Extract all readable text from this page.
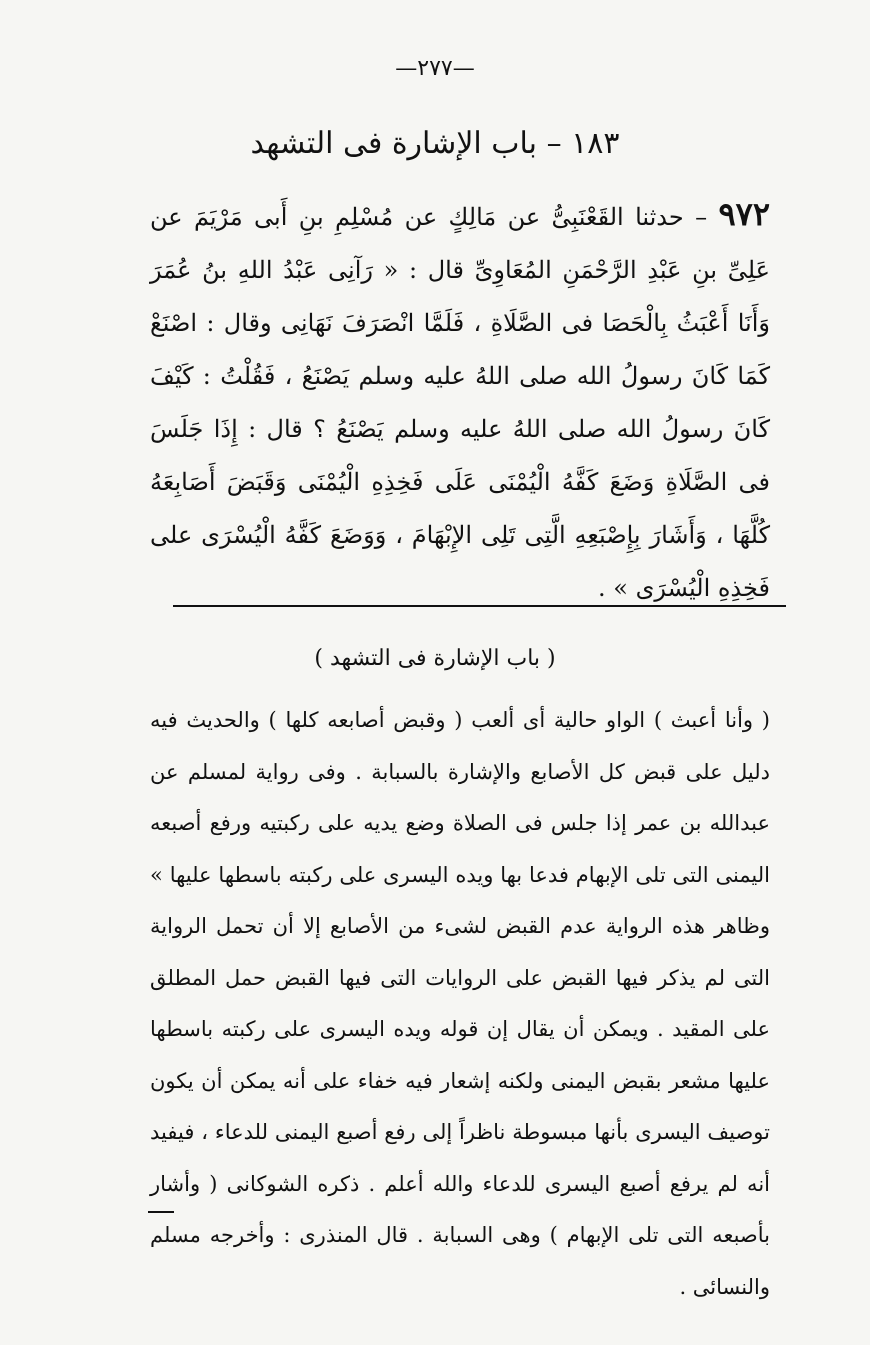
—٢٧٧—
١٨٣ – باب الإشارة فى التشهد
٩٧٢ – حدثنا القَعْنَبِىُّ عن مَالِكٍ عن مُسْلِمِ بنِ أَبى مَرْيَمَ عن عَلِىِّ بنِ عَبْدِ الرَّحْمَنِ المُعَاوِىِّ قال : « رَآنِى عَبْدُ اللهِ بنُ عُمَرَ وَأَنَا أَعْبَثُ بِالْحَصَا فى الصَّلَاةِ ، فَلَمَّا انْصَرَفَ نَهَانِى وقال : اصْنَعْ كَمَا كَانَ رسولُ الله صلى اللهُ عليه وسلم يَصْنَعُ ، فَقُلْتُ : كَيْفَ كَانَ رسولُ الله صلى اللهُ عليه وسلم يَصْنَعُ ؟ قال : إِذَا جَلَسَ فى الصَّلَاةِ وَضَعَ كَفَّهُ الْيُمْنَى عَلَى فَخِذِهِ الْيُمْنَى وَقَبَضَ أَصَابِعَهُ كُلَّهَا ، وَأَشَارَ بِإِصْبَعِهِ الَّتِى تَلِى الإِبْهَامَ ، وَوَضَعَ كَفَّهُ الْيُسْرَى على فَخِذِهِ الْيُسْرَى » .
( باب الإشارة فى التشهد )
( وأنا أعبث ) الواو حالية أى ألعب ( وقبض أصابعه كلها ) والحديث فيه دليل على قبض كل الأصابع والإشارة بالسبابة . وفى رواية لمسلم عن عبدالله بن عمر إذا جلس فى الصلاة وضع يديه على ركبتيه ورفع أصبعه اليمنى التى تلى الإبهام فدعا بها ويده اليسرى على ركبته باسطها عليها » وظاهر هذه الرواية عدم القبض لشىء من الأصابع إلا أن تحمل الرواية التى لم يذكر فيها القبض على الروايات التى فيها القبض حمل المطلق على المقيد . ويمكن أن يقال إن قوله ويده اليسرى على ركبته باسطها عليها مشعر بقبض اليمنى ولكنه إشعار فيه خفاء على أنه يمكن أن يكون توصيف اليسرى بأنها مبسوطة ناظراً إلى رفع أصبع اليمنى للدعاء ، فيفيد أنه لم يرفع أصبع اليسرى للدعاء والله أعلم . ذكره الشوكانى ( وأشار بأصبعه التى تلى الإبهام ) وهى السبابة . قال المنذرى : وأخرجه مسلم والنسائى .
